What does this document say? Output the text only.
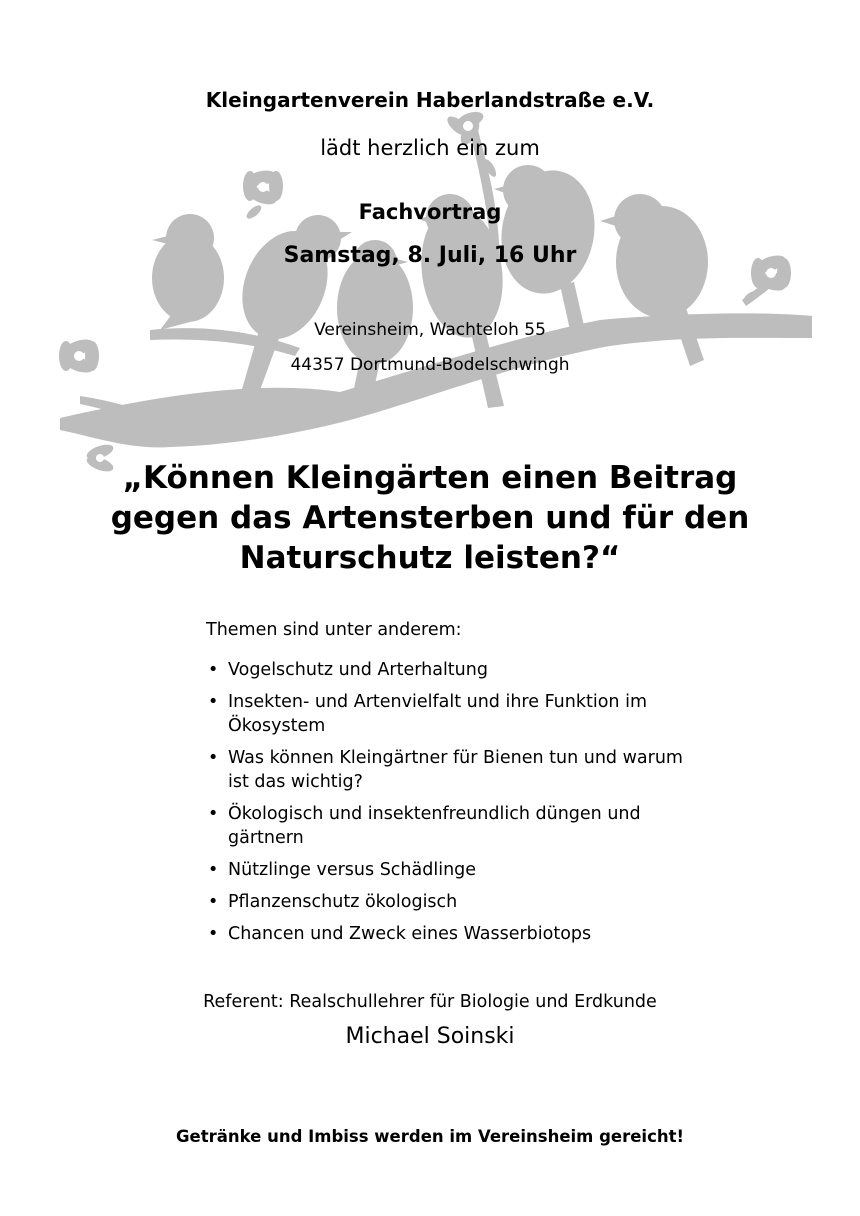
Kleingartenverein Haberlandstraße e.V.
lädt herzlich ein zum
Fachvortrag
Samstag, 8. Juli, 16 Uhr
Vereinsheim, Wachteloh 55
44357 Dortmund-Bodelschwingh
„Können Kleingärten einen Beitrag gegen das Artensterben und für den Naturschutz leisten?“
Themen sind unter anderem:
• Vogelschutz und Arterhaltung
• Insekten- und Artenvielfalt und ihre Funktion im Ökosystem
• Was können Kleingärtner für Bienen tun und warum ist das wichtig?
• Ökologisch und insektenfreundlich düngen und gärtnern
• Nützlinge versus Schädlinge
• Pflanzenschutz ökologisch
• Chancen und Zweck eines Wasserbiotops
Referent: Realschullehrer für Biologie und Erdkunde
Michael Soinski
Getränke und Imbiss werden im Vereinsheim gereicht!
